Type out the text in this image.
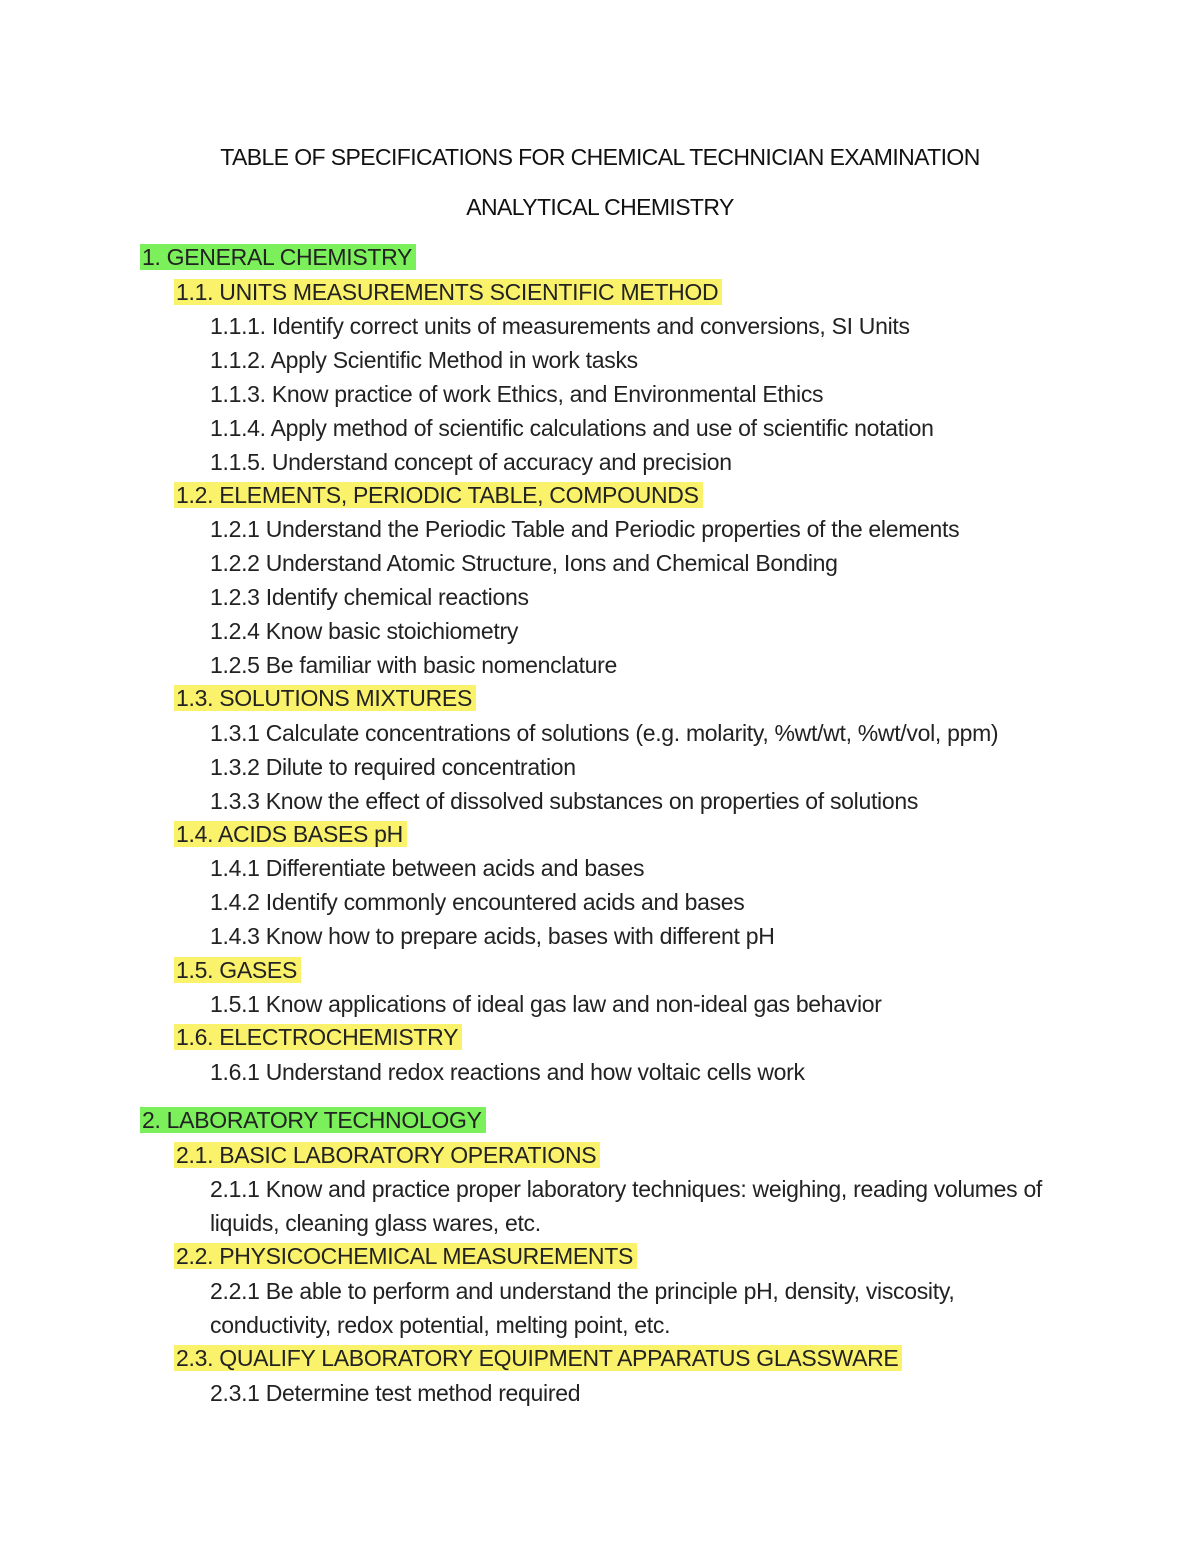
TABLE OF SPECIFICATIONS FOR CHEMICAL TECHNICIAN EXAMINATION
ANALYTICAL CHEMISTRY
1. GENERAL CHEMISTRY
1.1. UNITS MEASUREMENTS SCIENTIFIC METHOD
1.1.1. Identify correct units of measurements and conversions, SI Units
1.1.2. Apply Scientific Method in work tasks
1.1.3. Know practice of work Ethics, and Environmental Ethics
1.1.4. Apply method of scientific calculations and use of scientific notation
1.1.5. Understand concept of accuracy and precision
1.2. ELEMENTS, PERIODIC TABLE, COMPOUNDS
1.2.1 Understand the Periodic Table and Periodic properties of the elements
1.2.2 Understand Atomic Structure, Ions and Chemical Bonding
1.2.3 Identify chemical reactions
1.2.4 Know basic stoichiometry
1.2.5 Be familiar with basic nomenclature
1.3. SOLUTIONS MIXTURES
1.3.1 Calculate concentrations of solutions (e.g. molarity, %wt/wt, %wt/vol, ppm)
1.3.2 Dilute to required concentration
1.3.3 Know the effect of dissolved substances on properties of solutions
1.4. ACIDS BASES pH
1.4.1 Differentiate between acids and bases
1.4.2 Identify commonly encountered acids and bases
1.4.3 Know how to prepare acids, bases with different pH
1.5. GASES
1.5.1 Know applications of ideal gas law and non-ideal gas behavior
1.6. ELECTROCHEMISTRY
1.6.1 Understand redox reactions and how voltaic cells work
2. LABORATORY TECHNOLOGY
2.1. BASIC LABORATORY OPERATIONS
2.1.1 Know and practice proper laboratory techniques: weighing, reading volumes of
liquids, cleaning glass wares, etc.
2.2. PHYSICOCHEMICAL MEASUREMENTS
2.2.1 Be able to perform and understand the principle pH, density, viscosity,
conductivity, redox potential, melting point, etc.
2.3. QUALIFY LABORATORY EQUIPMENT APPARATUS GLASSWARE
2.3.1 Determine test method required
